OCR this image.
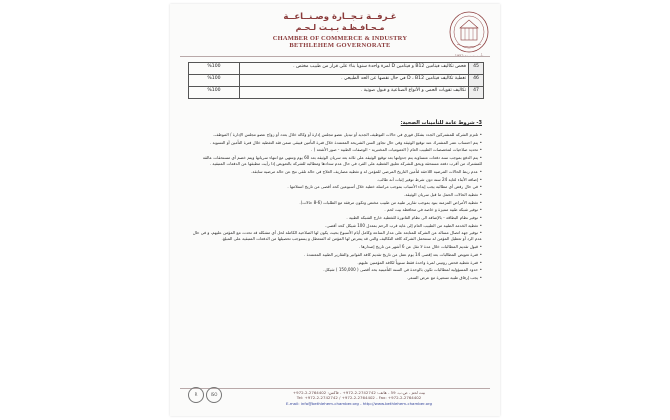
تأسست سنة 1952
غـرفــة تـجــارة وصـنــاعــة
مـحـافـظـة بـيـت لـحـم
CHAMBER OF COMMERCE & INDUSTRY
BETHLEHEM GOVERNORATE
%100	فحص تكاليف فيتامين B12 و فيتامين D لمرة واحدة سنويا بناء على قرار من طبيب مختص .	45
%100	تغطية تكاليف فيتامين D ، B12 في حال نقصها عن الحد الطبيعي .	46
%100	تكاليف تقويات الحمى و الأنواع الصناعية و قبول صوتية .	47
3- شروط عامة للتأمينات الصحية:
•تلتزم الشركة للمشتركين الجدد بشكل فوري في حالات التوظيف الجديد أو تبديل عضو مجلس إدارة أو وكالة خلال بعدد أو زواج عضو مجلس الإدارة / الموظف.
•يتم احتساب عمر المشترك عند توقيع الوثيقة وفي حال تجاوز السن الشريحة المعتمدة خلال فترة التأمين فيبقى ضمن فئة التغطية خلال فترة التأمين أو التسوية .
•تحديد صلاحيات لمخصصات الطبيب العام ( العموميات المختبرية - الوصفات الطبية - صور الأشعة ) .
•يتم الدفع بموجب سنة دفعات متساوية يتم جدولتها بعد توقيع الوثيقة على ثلاثة بعد سريان الوثيقة بعد 60 يوم وتنتهي مع انتهاء سريانها ويتم خصم أي مستحقات عالقة للمشترك من أقرب دفعة مستحقة ويحق للشركة تعليق التغطية على الفرد في حال عدم سدادها ومطالبه للشركة بالتعويض إذا رأيت مطبقها عن الدفعات المتبقية .
•عدم ربط الحالات المرضية اللاحقة لتأمين التاريخ المرضي للمؤمن له و تغطية مصاريف العلاج في حالة تلقي نتج عن حالة مرضية سابقة.
•إضافة الأبناء لغاية 24 سنة دون شرط توفير إثبات أنه طالب.
•في حال رفض أي مطالبة يجب إبداء الأسباب بموجب مراسلة خطية خلال أسبوعين كحد أقصى من تاريخ استلامها .
•تغطية الحالات الحمل ما قبل سريان الوثيقة.
•تغطية الأمراض المزمنة بنود بموجب تقارير طبية من طبيب مختص وتكون مرفقة مع الطلبات (6-8 حالات).
•توفير شبكة طبية مميزة و خاصة في محافظة بيت لحم .
•توفير نظام البطاقة - بالإضافة الى نظام الفاتورة للتغطية خارج الشبكة الطبية .
•تغطية الخدمة الطبية من الطبيب العام إلى غاية قرب الرحم بمعدل 100 شيكل كحد أقصى.
•توفير جهة اتصال مسالة عن الشركة للمتابعة على مدار الساعة وكامل أيام الأسبوع بحيث يكون لها الصلاحية الكاملة لحل أي مشكلة قد تحدث مع المؤمن عليهم، و في حال عدم الرد أو تعطيل المؤمن له ستتحمل الشركة كافة التكاليف والتي قد يتعرض لها المؤمن له المتعطل و يستوجب تحصيلها من الدفعات المتبقية على المبلغ.
•قبول تقديم المطالبات خلال مدة لا تقل عن 6 أشهر من تاريخ إصدارها .
•فترة تعويض المطالبات بعد إقصى 14 يوم عمل من تاريخ تقديم كافة الفواتير والتقارير الطبية المعتمدة .
•فترة تغطية فحص روتيني لمرة واحدة فقط سنوياً لكافة المؤمنين عليهم.
•حدود المسؤولية لمطالبات تكون بالوحدة في السنة التأمينية بحد أقصى ( 150,000 ) شيكل.
•يجب إرفاق طبية تسعيرة مع عرض السعر.
R	ISO	بيت لحم - ص.ب. 59 - هاتف: 2742742-2-972+ - فاكس: 2764402-2-972+
Tel: +972-2-2742742 / +972-2-2764402 - Fax: +972-2-2764402
E-mail: info@bethlehem-chamber.org - http://www.bethlehem-chamber.org
